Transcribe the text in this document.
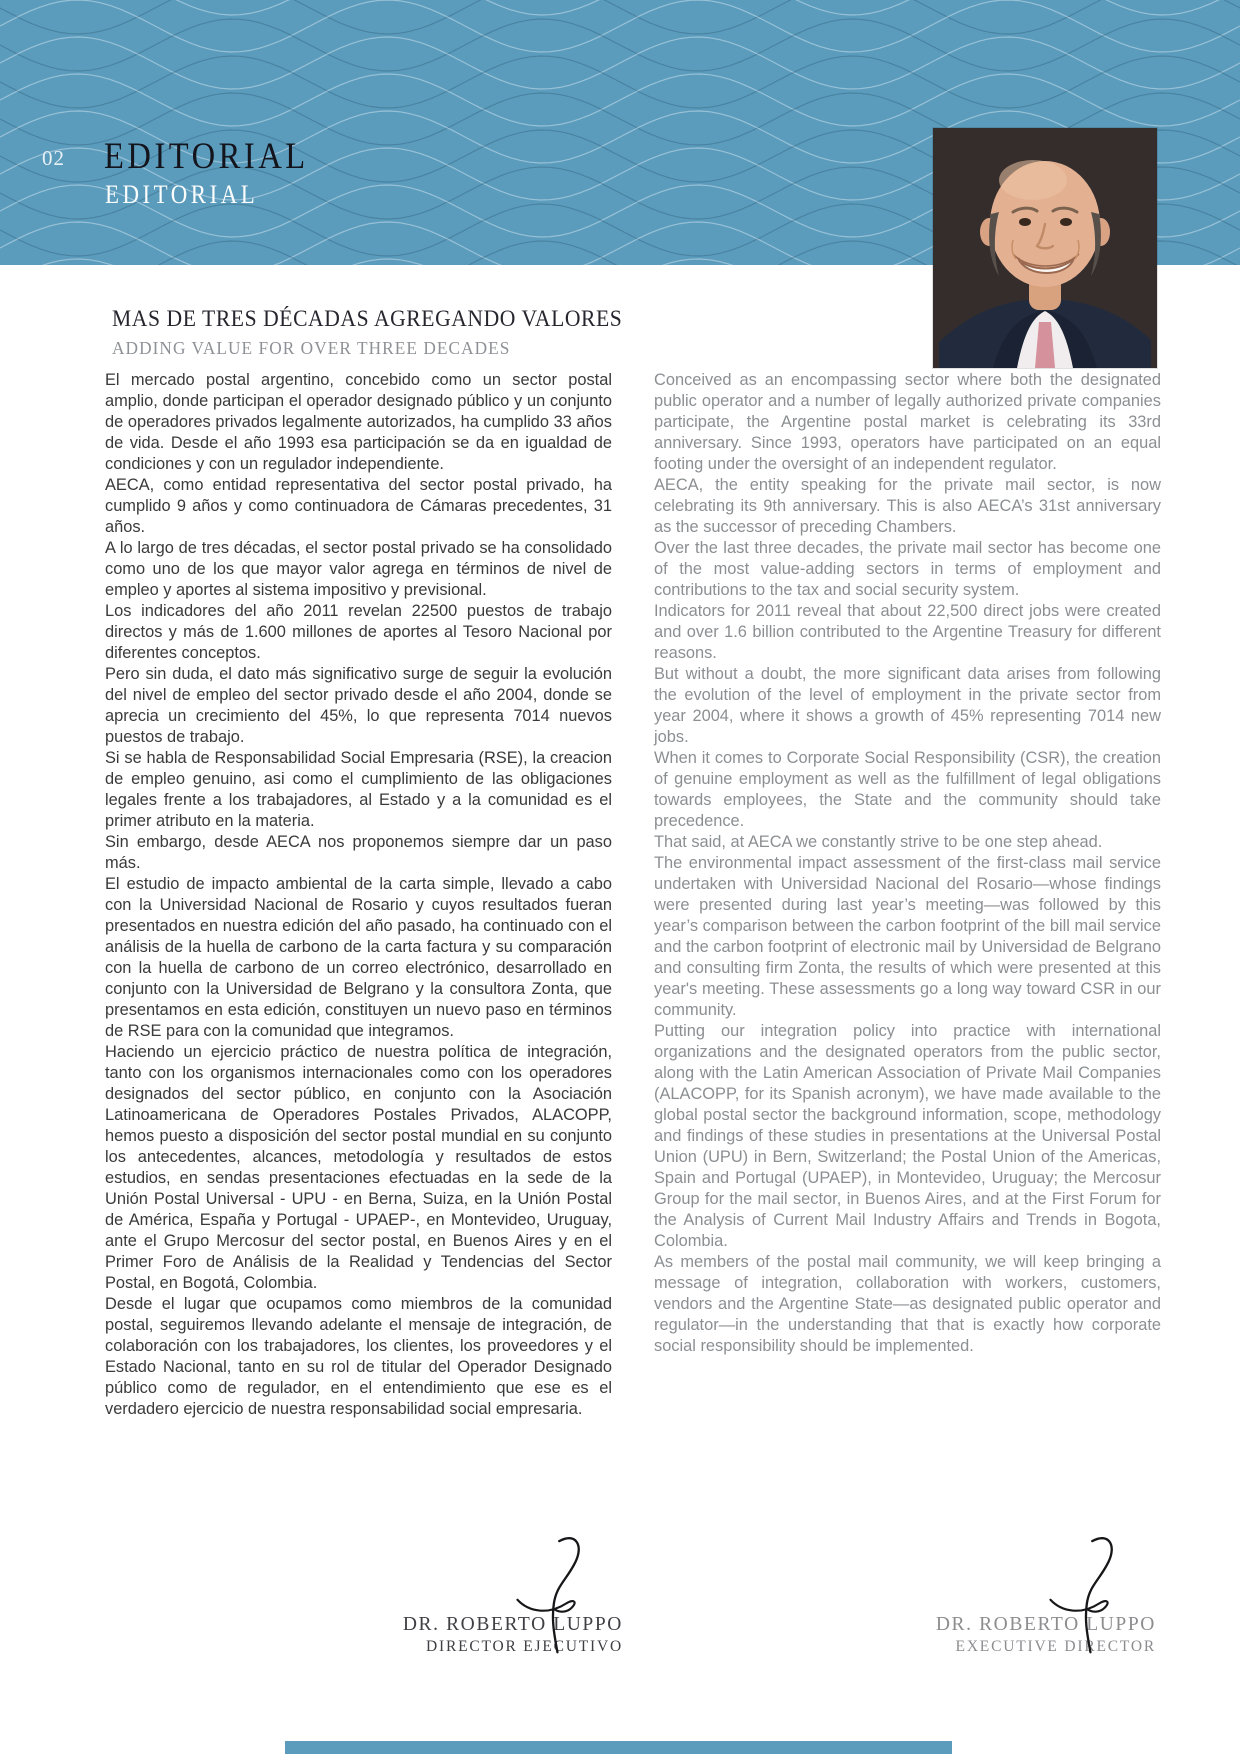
02 EDITORIAL
EDITORIAL
MAS DE TRES DÉCADAS AGREGANDO VALORES
ADDING VALUE FOR OVER THREE DECADES

El mercado postal argentino, concebido como un sector postal amplio, donde participan el operador designado público y un conjunto de operadores privados legalmente autorizados, ha cumplido 33 años de vida. Desde el año 1993 esa participación se da en igualdad de condiciones y con un regulador independiente.

AECA, como entidad representativa del sector postal privado, ha cumplido 9 años y como continuadora de Cámaras precedentes, 31 años.

A lo largo de tres décadas, el sector postal privado se ha consolidado como uno de los que mayor valor agrega en términos de nivel de empleo y aportes al sistema impositivo y previsional.

Los indicadores del año 2011 revelan 22500 puestos de trabajo directos y más de 1.600 millones de aportes al Tesoro Nacional por diferentes conceptos.

Pero sin duda, el dato más significativo surge de seguir la evolución del nivel de empleo del sector privado desde el año 2004, donde se aprecia un crecimiento del 45%, lo que representa 7014 nuevos puestos de trabajo.

Si se habla de Responsabilidad Social Empresaria (RSE), la creacion de empleo genuino, asi como el cumplimiento de las obligaciones legales frente a los trabajadores, al Estado y a la comunidad es el primer atributo en la materia.

Sin embargo, desde AECA nos proponemos siempre dar un paso más.

El estudio de impacto ambiental de la carta simple, llevado a cabo con la Universidad Nacional de Rosario y cuyos resultados fueran presentados en nuestra edición del año pasado, ha continuado con el análisis de la huella de carbono de la carta factura y su comparación con la huella de carbono de un correo electrónico, desarrollado en conjunto con la Universidad de Belgrano y la consultora Zonta, que presentamos en esta edición, constituyen un nuevo paso en términos de RSE para con la comunidad que integramos.

Haciendo un ejercicio práctico de nuestra política de integración, tanto con los organismos internacionales como con los operadores designados del sector público, en conjunto con la Asociación Latinoamericana de Operadores Postales Privados, ALACOPP, hemos puesto a disposición del sector postal mundial en su conjunto los antecedentes, alcances, metodología y resultados de estos estudios, en sendas presentaciones efectuadas en la sede de la Unión Postal Universal - UPU - en Berna, Suiza, en la Unión Postal de América, España y Portugal - UPAEP-, en Montevideo, Uruguay, ante el Grupo Mercosur del sector postal, en Buenos Aires y en el Primer Foro de Análisis de la Realidad y Tendencias del Sector Postal, en Bogotá, Colombia.

Desde el lugar que ocupamos como miembros de la comunidad postal, seguiremos llevando adelante el mensaje de integración, de colaboración con los trabajadores, los clientes, los proveedores y el Estado Nacional, tanto en su rol de titular del Operador Designado público como de regulador, en el entendimiento que ese es el verdadero ejercicio de nuestra responsabilidad social empresaria.

Conceived as an encompassing sector where both the designated public operator and a number of legally authorized private companies participate, the Argentine postal market is celebrating its 33rd anniversary. Since 1993, operators have participated on an equal footing under the oversight of an independent regulator.

AECA, the entity speaking for the private mail sector, is now celebrating its 9th anniversary. This is also AECA’s 31st anniversary as the successor of preceding Chambers.

Over the last three decades, the private mail sector has become one of the most value-adding sectors in terms of employment and contributions to the tax and social security system.

Indicators for 2011 reveal that about 22,500 direct jobs were created and over 1.6 billion contributed to the Argentine Treasury for different reasons.

But without a doubt, the more significant data arises from following the evolution of the level of employment in the private sector from year 2004, where it shows a growth of 45% representing 7014 new jobs.

When it comes to Corporate Social Responsibility (CSR), the creation of genuine employment as well as the fulfillment of legal obligations towards employees, the State and the community should take precedence.

That said, at AECA we constantly strive to be one step ahead.

The environmental impact assessment of the first-class mail service undertaken with Universidad Nacional del Rosario—whose findings were presented during last year’s meeting—was followed by this year’s comparison between the carbon footprint of the bill mail service and the carbon footprint of electronic mail by Universidad de Belgrano and consulting firm Zonta, the results of which were presented at this year's meeting. These assessments go a long way toward CSR in our community.

Putting our integration policy into practice with international organizations and the designated operators from the public sector, along with the Latin American Association of Private Mail Companies (ALACOPP, for its Spanish acronym), we have made available to the global postal sector the background information, scope, methodology and findings of these studies in presentations at the Universal Postal Union (UPU) in Bern, Switzerland; the Postal Union of the Americas, Spain and Portugal (UPAEP), in Montevideo, Uruguay; the Mercosur Group for the mail sector, in Buenos Aires, and at the First Forum for the Analysis of Current Mail Industry Affairs and Trends in Bogota, Colombia.

As members of the postal mail community, we will keep bringing a message of integration, collaboration with workers, customers, vendors and the Argentine State—as designated public operator and regulator—in the understanding that that is exactly how corporate social responsibility should be implemented.

DR. ROBERTO LUPPO
DIRECTOR EJECUTIVO
DR. ROBERTO LUPPO
EXECUTIVE DIRECTOR
